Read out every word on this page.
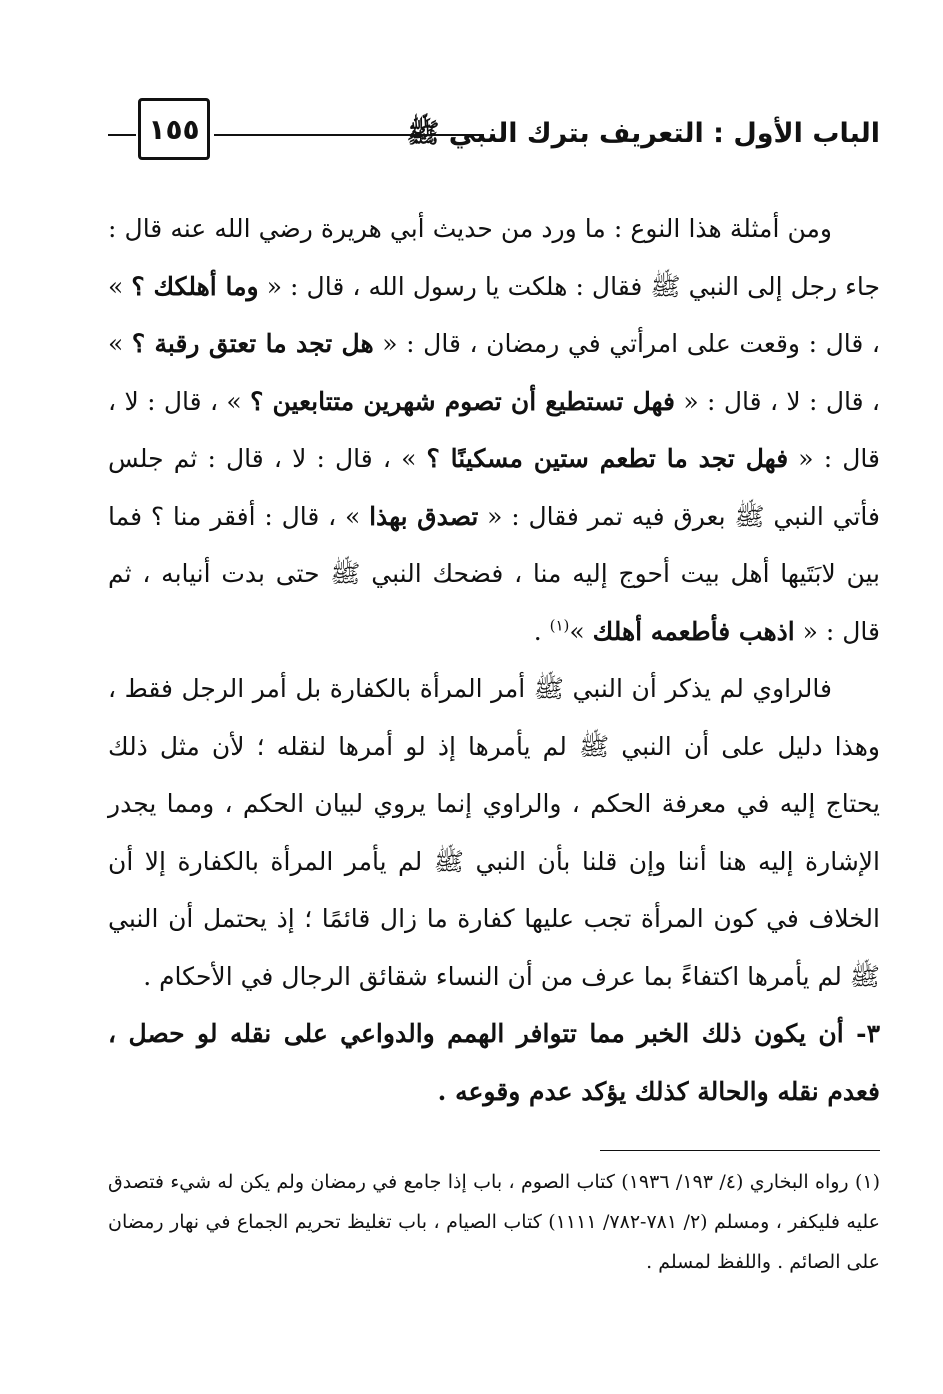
الباب الأول : التعريف بترك النبي ﷺ
١٥٥

ومن أمثلة هذا النوع : ما ورد من حديث أبي هريرة رضي الله عنه قال : جاء رجل إلى النبي ﷺ فقال : هلكت يا رسول الله ، قال : « وما أهلكك ؟ » ، قال : وقعت على امرأتي في رمضان ، قال : « هل تجد ما تعتق رقبة ؟ » ، قال : لا ، قال : « فهل تستطيع أن تصوم شهرين متتابعين ؟ » ، قال : لا ، قال : « فهل تجد ما تطعم ستين مسكينًا ؟ » ، قال : لا ، قال : ثم جلس فأتي النبي ﷺ بعرق فيه تمر فقال : « تصدق بهذا » ، قال : أفقر منا ؟ فما بين لابَتَيها أهل بيت أحوج إليه منا ، فضحك النبي ﷺ حتى بدت أنيابه ، ثم قال : « اذهب فأطعمه أهلك »$^{(١)}$ .

فالراوي لم يذكر أن النبي ﷺ أمر المرأة بالكفارة بل أمر الرجل فقط ، وهذا دليل على أن النبي ﷺ لم يأمرها إذ لو أمرها لنقله ؛ لأن مثل ذلك يحتاج إليه في معرفة الحكم ، والراوي إنما يروي لبيان الحكم ، ومما يجدر الإشارة إليه هنا أننا وإن قلنا بأن النبي ﷺ لم يأمر المرأة بالكفارة إلا أن الخلاف في كون المرأة تجب عليها كفارة ما زال قائمًا ؛ إذ يحتمل أن النبي ﷺ لم يأمرها اكتفاءً بما عرف من أن النساء شقائق الرجال في الأحكام .

٣- أن يكون ذلك الخبر مما تتوافر الهمم والدواعي على نقله لو حصل ، فعدم نقله والحالة كذلك يؤكد عدم وقوعه .

(١) رواه البخاري (٤/ ١٩٣/ ١٩٣٦) كتاب الصوم ، باب إذا جامع في رمضان ولم يكن له شيء فتصدق عليه فليكفر ، ومسلم (٢/ ٧٨١-٧٨٢/ ١١١١) كتاب الصيام ، باب تغليظ تحريم الجماع في نهار رمضان على الصائم . واللفظ لمسلم .
